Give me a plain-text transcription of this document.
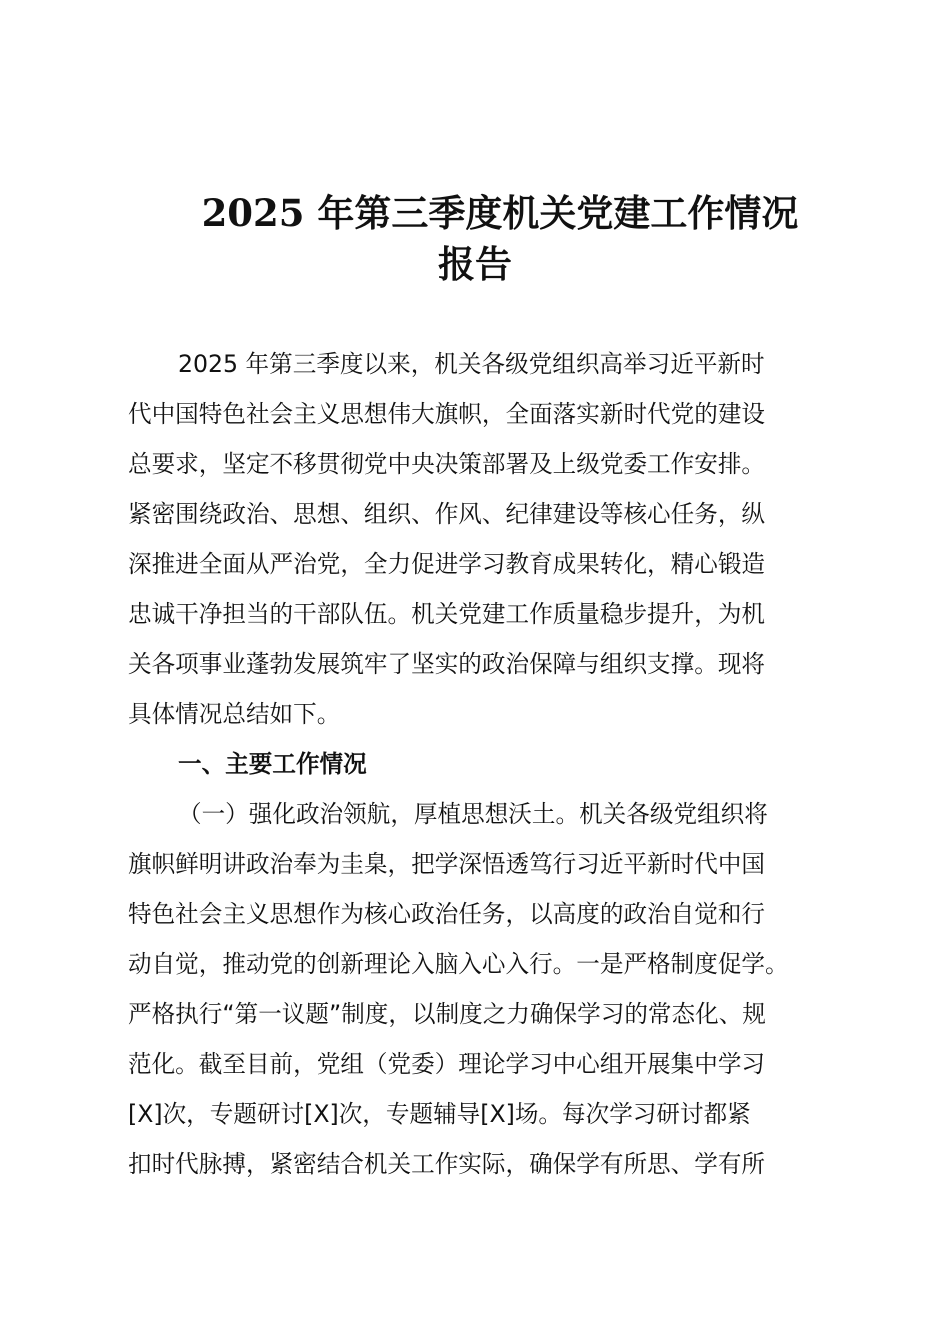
2025 年第三季度机关党建工作情况
报告
2025 年第三季度以来，机关各级党组织高举习近平新时
代中国特色社会主义思想伟大旗帜，全面落实新时代党的建设
总要求，坚定不移贯彻党中央决策部署及上级党委工作安排。
紧密围绕政治、思想、组织、作风、纪律建设等核心任务，纵
深推进全面从严治党，全力促进学习教育成果转化，精心锻造
忠诚干净担当的干部队伍。机关党建工作质量稳步提升，为机
关各项事业蓬勃发展筑牢了坚实的政治保障与组织支撑。现将
具体情况总结如下。
一、主要工作情况
（一）强化政治领航，厚植思想沃土。机关各级党组织将
旗帜鲜明讲政治奉为圭臬，把学深悟透笃行习近平新时代中国
特色社会主义思想作为核心政治任务，以高度的政治自觉和行
动自觉，推动党的创新理论入脑入心入行。一是严格制度促学。
严格执行“第一议题”制度，以制度之力确保学习的常态化、规
范化。截至目前，党组（党委）理论学习中心组开展集中学习
[X]次，专题研讨[X]次，专题辅导[X]场。每次学习研讨都紧
扣时代脉搏，紧密结合机关工作实际，确保学有所思、学有所
